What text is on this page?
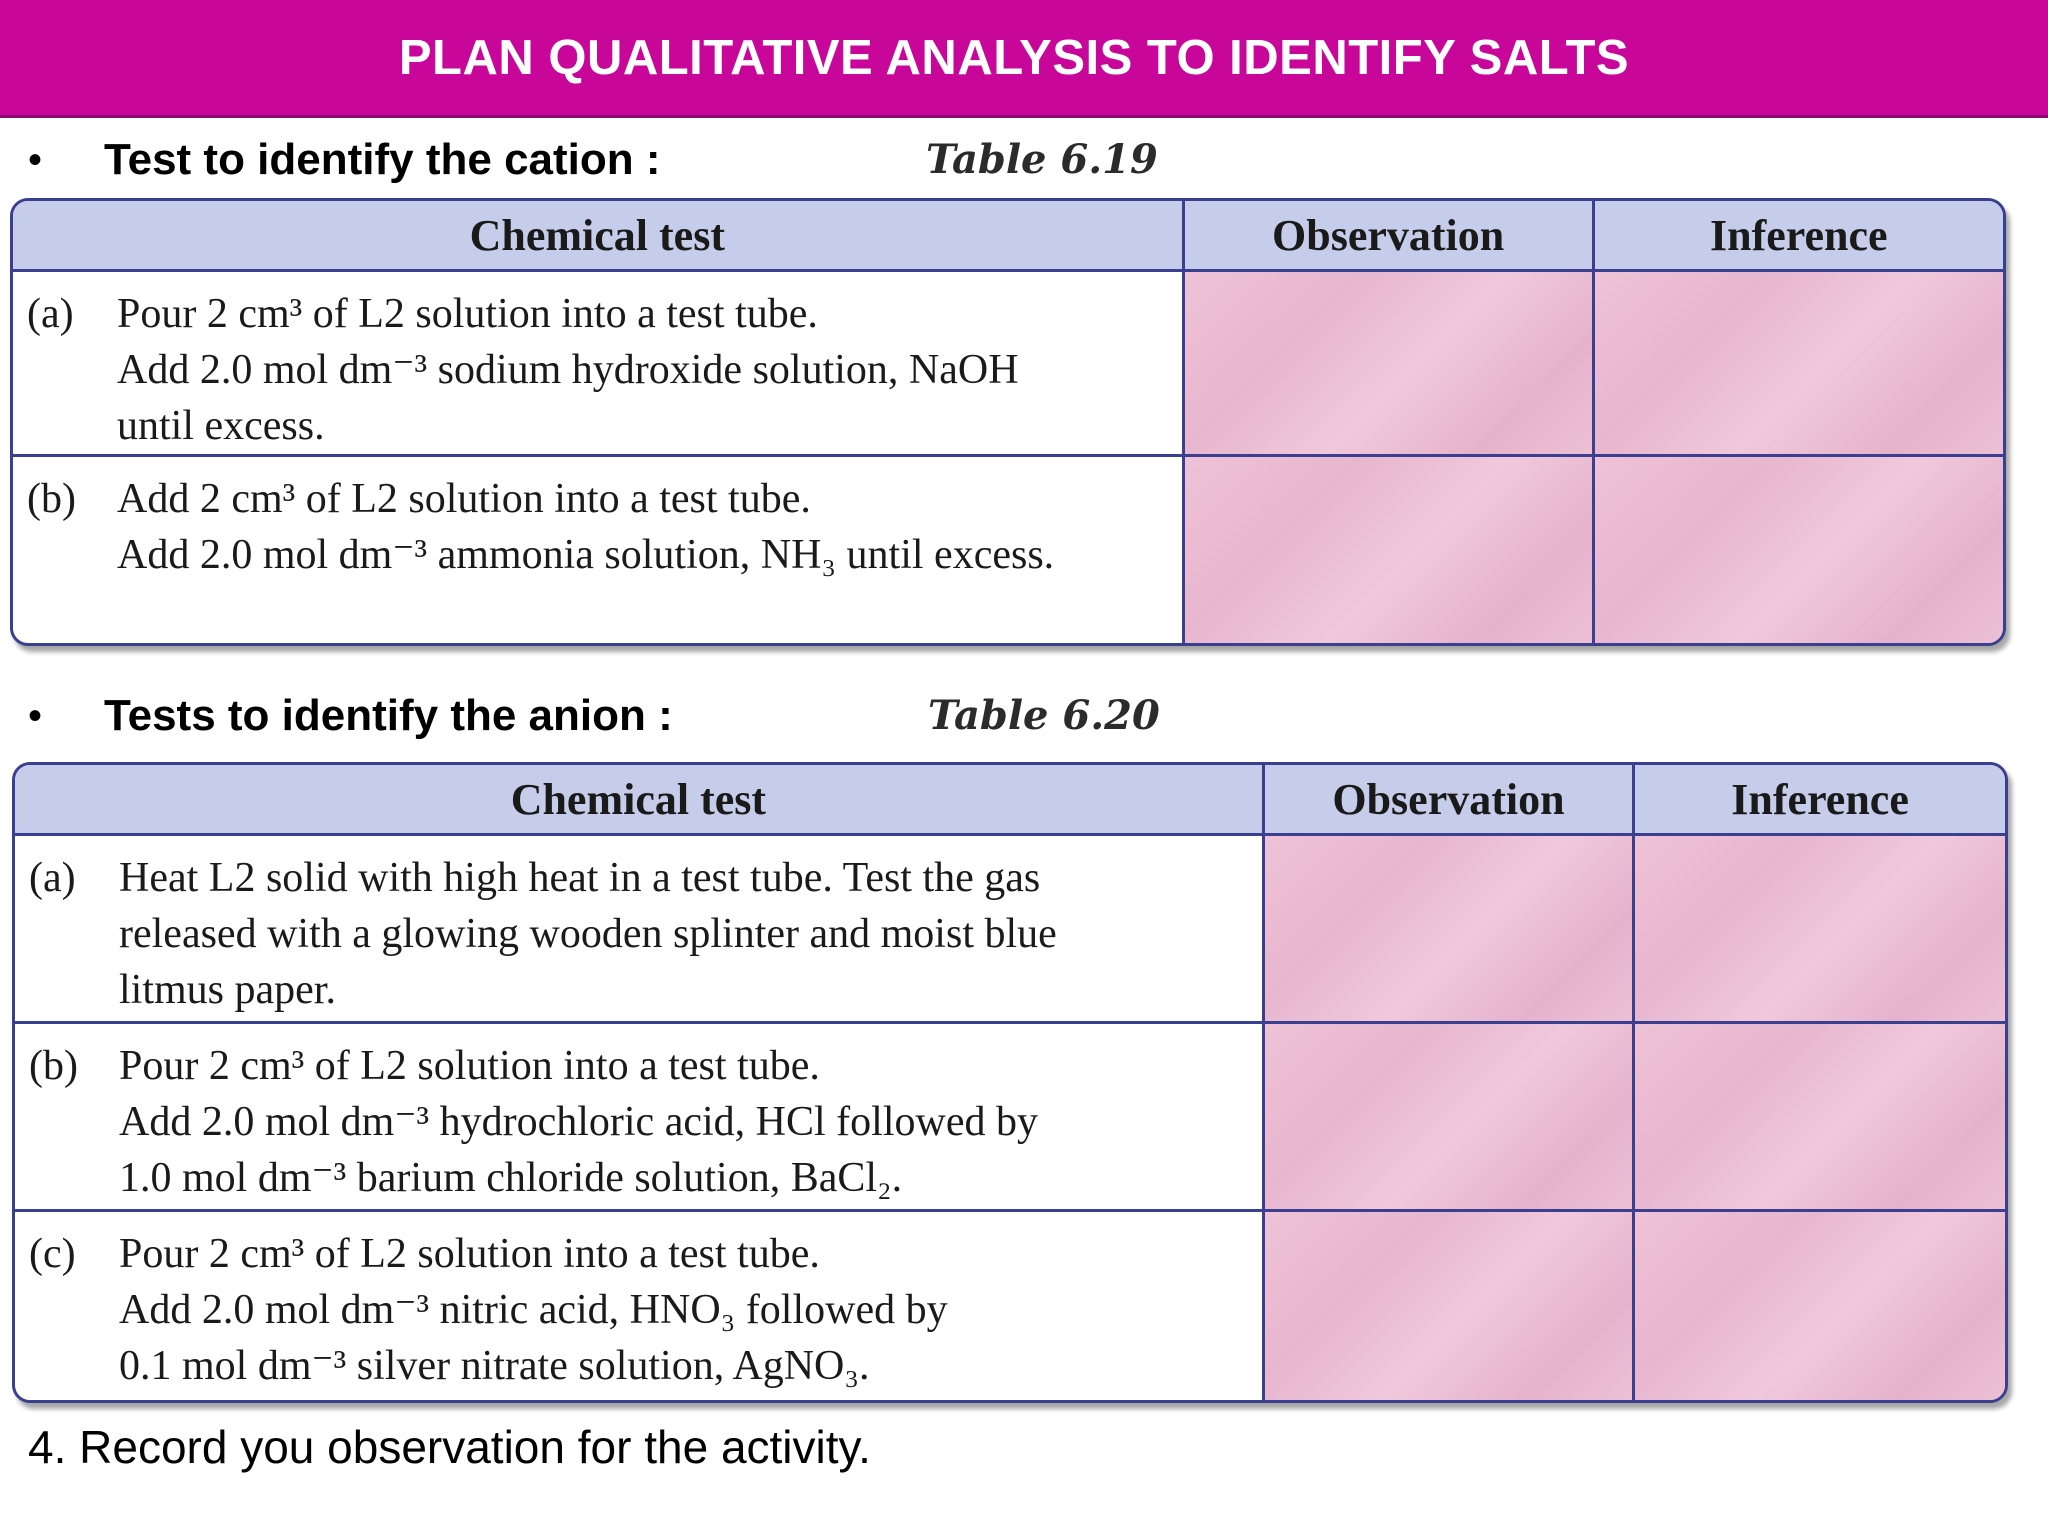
PLAN QUALITATIVE ANALYSIS TO IDENTIFY SALTS
• Test to identify the cation :	Table 6.19
Chemical test	Observation	Inference

(a) Pour 2 cm³ of L2 solution into a test tube.
Add 2.0 mol dm⁻³ sodium hydroxide solution, NaOH
until excess.		

(b) Add 2 cm³ of L2 solution into a test tube.
Add 2.0 mol dm⁻³ ammonia solution, NH₃ until excess.		

• Tests to identify the anion :	Table 6.20
Chemical test	Observation	Inference

(a) Heat L2 solid with high heat in a test tube. Test the gas
released with a glowing wooden splinter and moist blue
litmus paper.		

(b) Pour 2 cm³ of L2 solution into a test tube.
Add 2.0 mol dm⁻³ hydrochloric acid, HCl followed by
1.0 mol dm⁻³ barium chloride solution, BaCl₂.		

(c) Pour 2 cm³ of L2 solution into a test tube.
Add 2.0 mol dm⁻³ nitric acid, HNO₃ followed by
0.1 mol dm⁻³ silver nitrate solution, AgNO₃.		

4. Record you observation for the activity.
